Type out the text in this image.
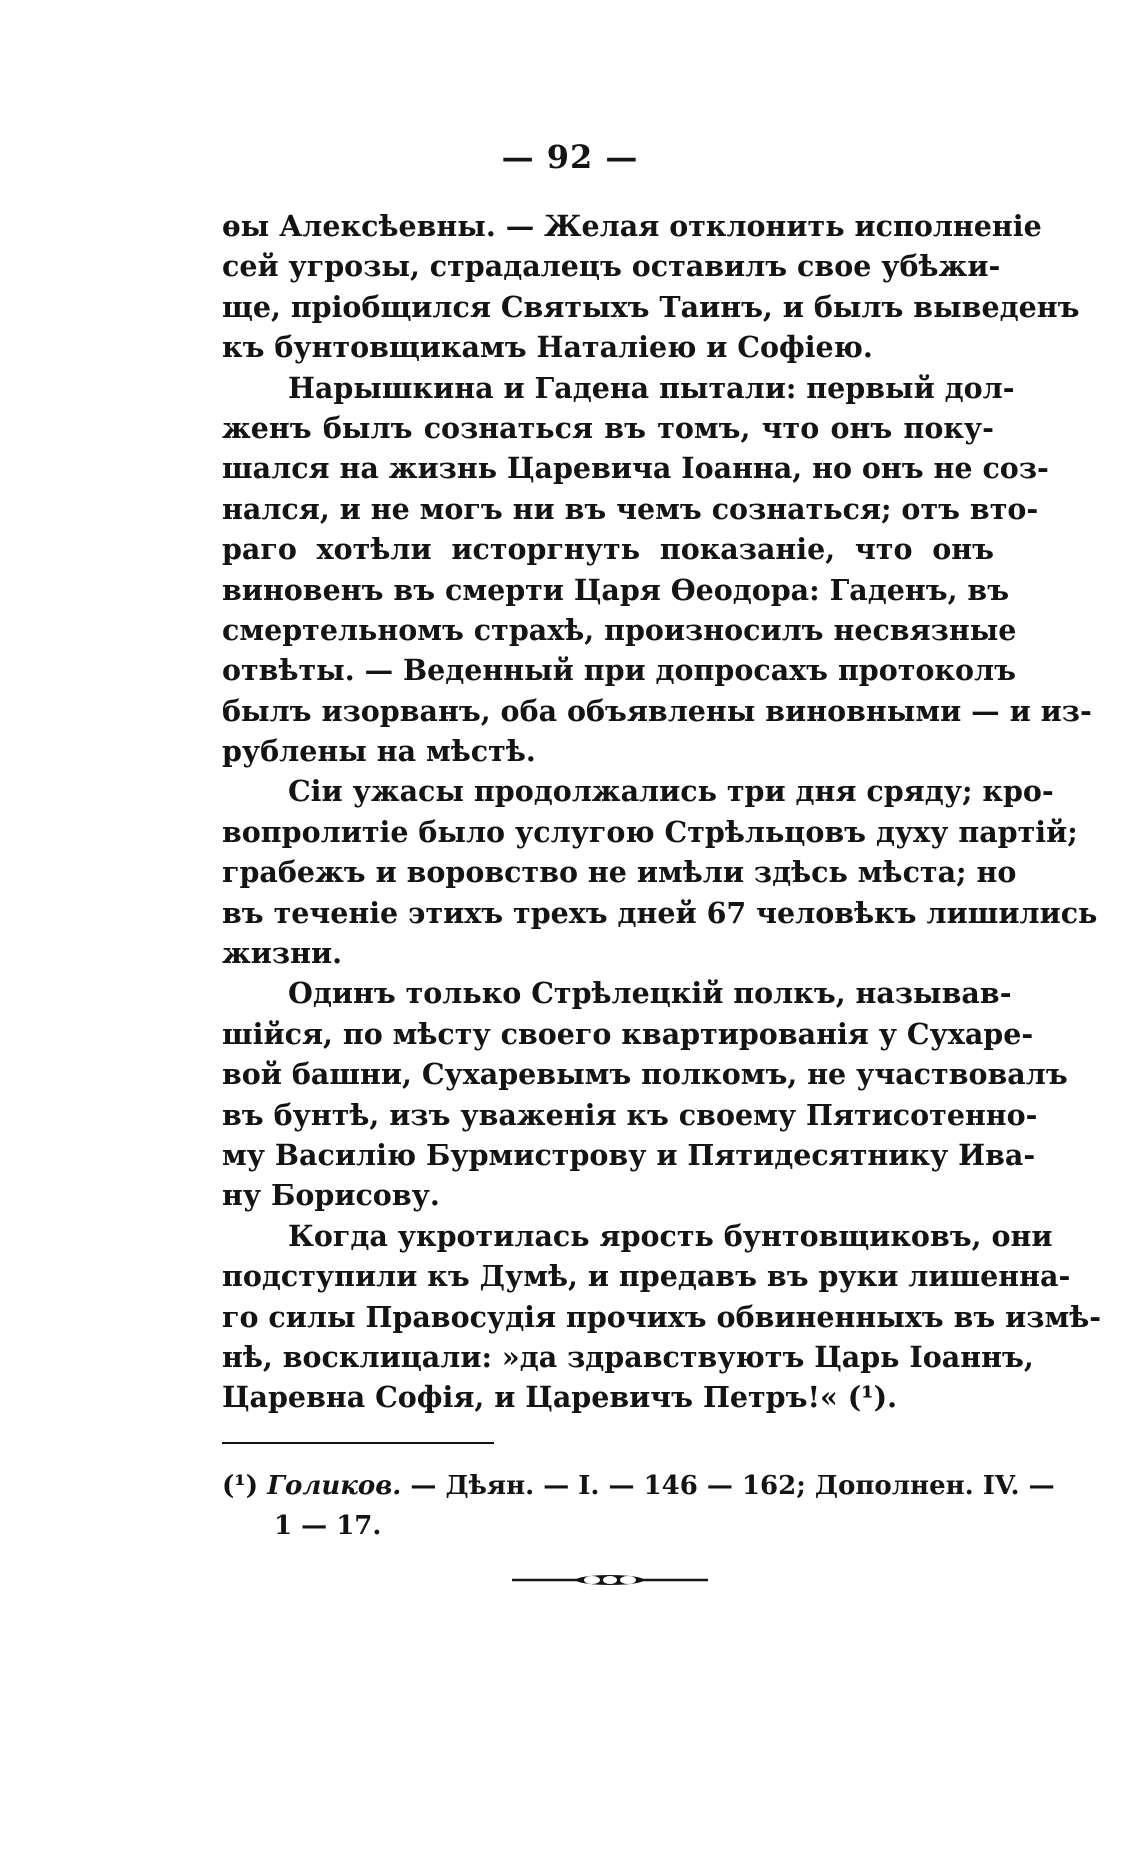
— 92 —
ѳы Алексѣевны. — Желая отклонить исполненіе
сей угрозы, страдалецъ оставилъ свое убѣжи-
ще, пріобщился Святыхъ Таинъ, и былъ выведенъ
къ бунтовщикамъ Наталіею и Софіею.
Нарышкина и Гадена пытали: первый дол-
женъ былъ сознаться въ томъ, что онъ поку-
шался на жизнь Царевича Іоанна, но онъ не соз-
нался, и не могъ ни въ чемъ сознаться; отъ вто-
раго хотѣли исторгнуть показаніе, что онъ
виновенъ въ смерти Царя Ѳеодора: Гаденъ, въ
смертельномъ страхѣ, произносилъ несвязные
отвѣты. — Веденный при допросахъ протоколъ
былъ изорванъ, оба объявлены виновными — и из-
рублены на мѣстѣ.
Сіи ужасы продолжались три дня сряду; кро-
вопролитіе было услугою Стрѣльцовъ духу партій;
грабежъ и воровство не имѣли здѣсь мѣста; но
въ теченіе этихъ трехъ дней 67 человѣкъ лишились
жизни.
Одинъ только Стрѣлецкій полкъ, называв-
шійся, по мѣсту своего квартированія у Сухаре-
вой башни, Сухаревымъ полкомъ, не участвовалъ
въ бунтѣ, изъ уваженія къ своему Пятисотенно-
му Василію Бурмистрову и Пятидесятнику Ива-
ну Борисову.
Когда укротилась ярость бунтовщиковъ, они
подступили къ Думѣ, и предавъ въ руки лишенна-
го силы Правосудія прочихъ обвиненныхъ въ измѣ-
нѣ, восклицали: »да здравствуютъ Царь Іоаннъ,
Царевна Софія, и Царевичъ Петръ!« (¹).
(¹) Голиков. — Дѣян. — I. — 146 — 162; Дополнен. IV. —
1 — 17.
